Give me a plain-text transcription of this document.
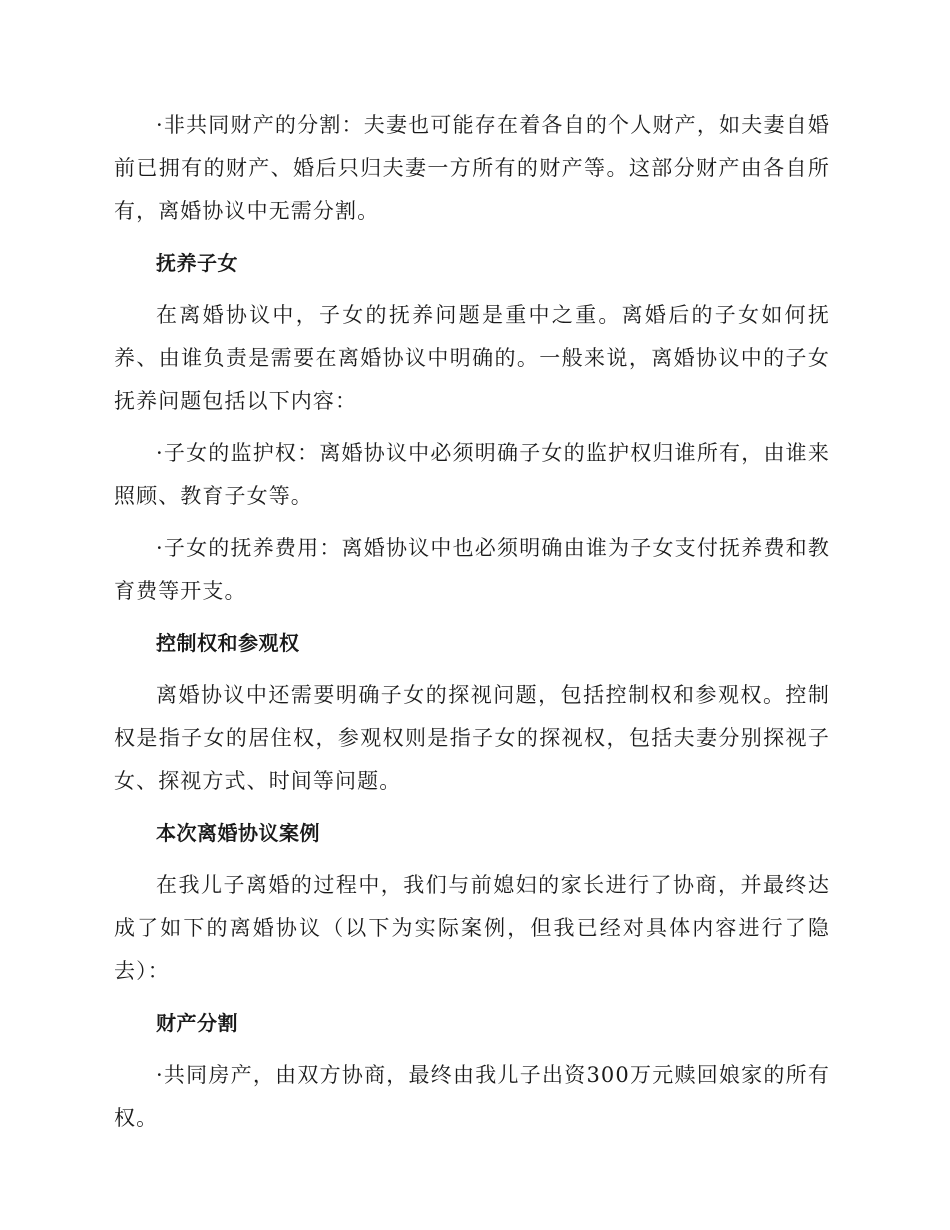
·非共同财产的分割：夫妻也可能存在着各自的个人财产，如夫妻自婚前已拥有的财产、婚后只归夫妻一方所有的财产等。这部分财产由各自所有，离婚协议中无需分割。

抚养子女

在离婚协议中，子女的抚养问题是重中之重。离婚后的子女如何抚养、由谁负责是需要在离婚协议中明确的。一般来说，离婚协议中的子女抚养问题包括以下内容：

·子女的监护权：离婚协议中必须明确子女的监护权归谁所有，由谁来照顾、教育子女等。

·子女的抚养费用：离婚协议中也必须明确由谁为子女支付抚养费和教育费等开支。

控制权和参观权

离婚协议中还需要明确子女的探视问题，包括控制权和参观权。控制权是指子女的居住权，参观权则是指子女的探视权，包括夫妻分别探视子女、探视方式、时间等问题。

本次离婚协议案例

在我儿子离婚的过程中，我们与前媳妇的家长进行了协商，并最终达成了如下的离婚协议（以下为实际案例，但我已经对具体内容进行了隐去）：

财产分割

·共同房产，由双方协商，最终由我儿子出资300万元赎回娘家的所有权。
